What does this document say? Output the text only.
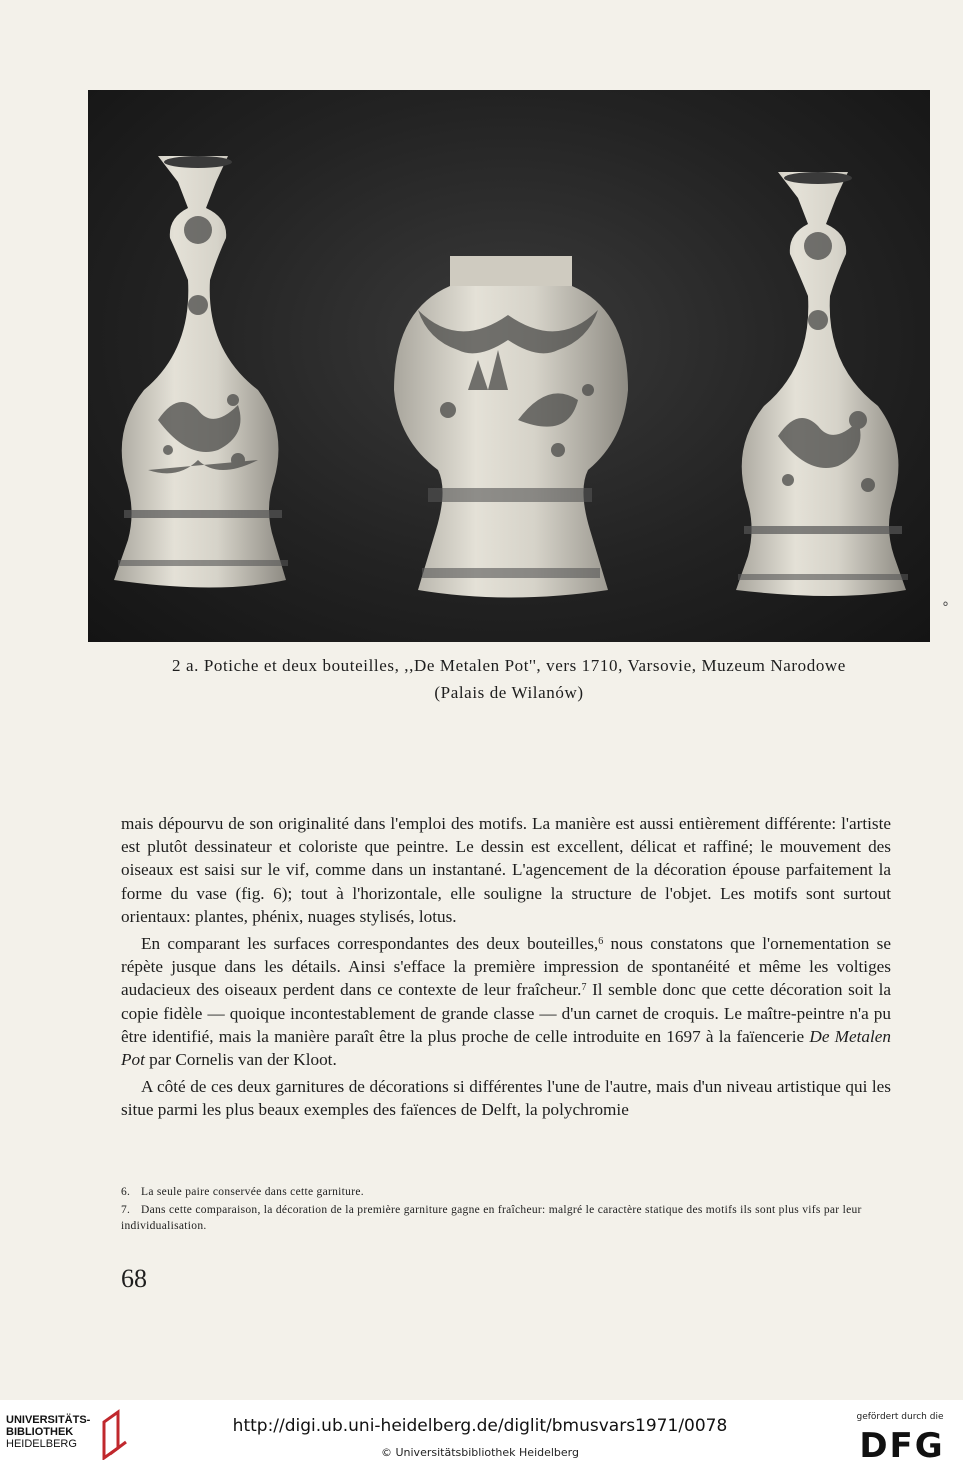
2 a. Potiche et deux bouteilles, ,,De Metalen Pot'', vers 1710, Varsovie, Muzeum Narodowe
(Palais de Wilanów)
°

mais dépourvu de son originalité dans l'emploi des motifs. La manière est aussi entièrement différente: l'artiste est plutôt dessinateur et coloriste que peintre. Le dessin est excellent, délicat et raffiné; le mouvement des oiseaux est saisi sur le vif, comme dans un instantané. L'agencement de la décoration épouse parfaitement la forme du vase (fig. 6); tout à l'horizontale, elle souligne la structure de l'objet. Les motifs sont surtout orientaux: plantes, phénix, nuages stylisés, lotus.

En comparant les surfaces correspondantes des deux bouteilles,$^6$ nous constatons que l'ornementation se répète jusque dans les détails. Ainsi s'efface la première impression de spontanéité et même les voltiges audacieux des oiseaux perdent dans ce contexte de leur fraîcheur.$^7$ Il semble donc que cette décoration soit la copie fidèle — quoique incontestablement de grande classe — d'un carnet de croquis. Le maître-peintre n'a pu être identifié, mais la manière paraît être la plus proche de celle introduite en 1697 à la faïencerie De Metalen Pot par Cornelis van der Kloot.

A côté de ces deux garnitures de décorations si différentes l'une de l'autre, mais d'un niveau artistique qui les situe parmi les plus beaux exemples des faïences de Delft, la polychromie

6. La seule paire conservée dans cette garniture.
7. Dans cette comparaison, la décoration de la première garniture gagne en fraîcheur: malgré le caractère statique des motifs ils sont plus vifs par leur individualisation.
68
UNIVERSITÄTS-
BIBLIOTHEK
HEIDELBERG
http://digi.ub.uni-heidelberg.de/diglit/bmusvars1971/0078
© Universitätsbibliothek Heidelberg
gefördert durch die
DFG
